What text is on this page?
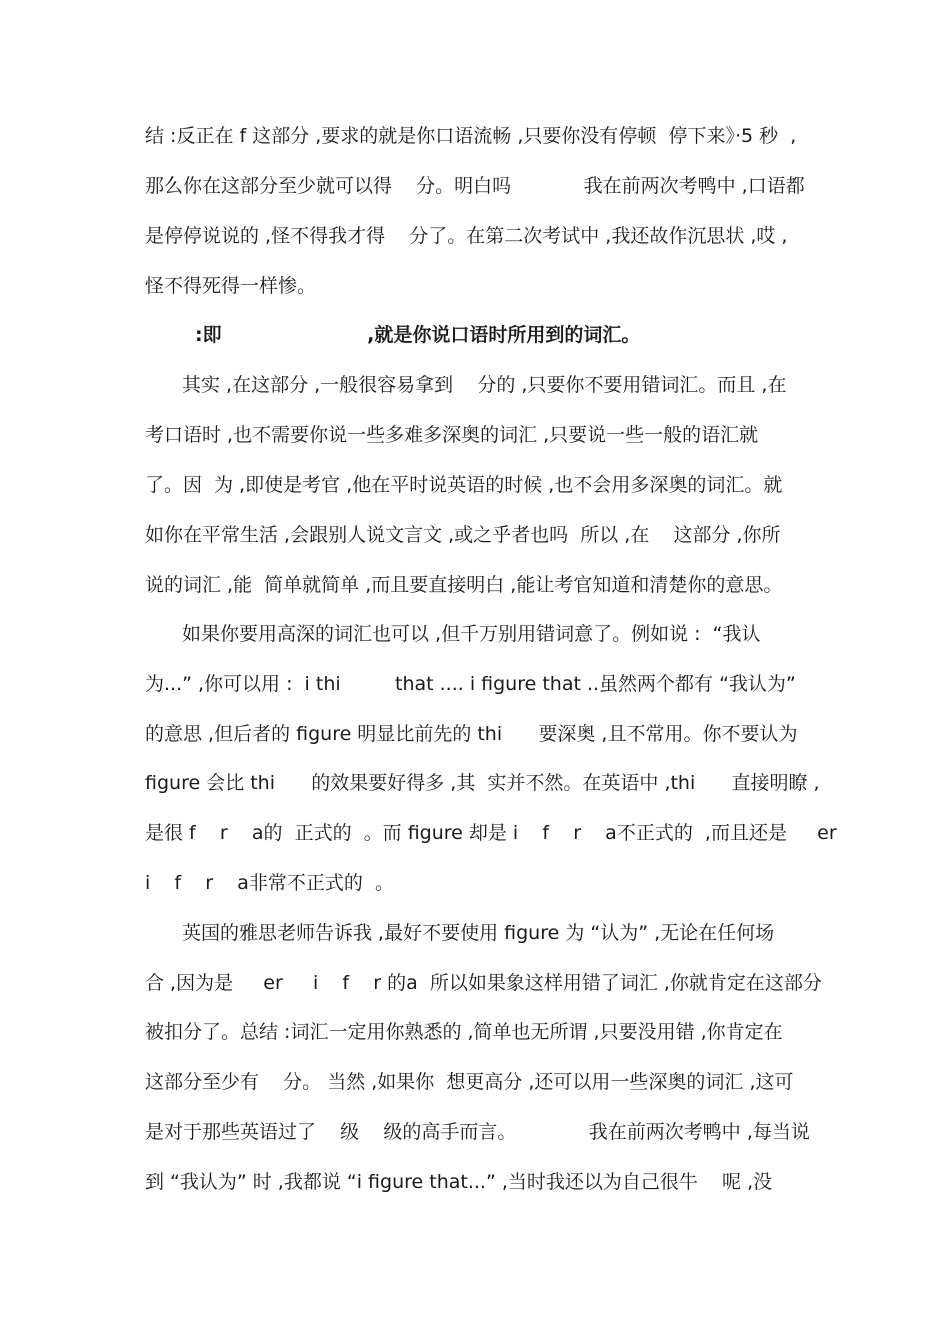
结 :反正在 f 这部分 ,要求的就是你口语流畅 ,只要你没有停顿  停下来》·5 秒  ,
那么你在这部分至少就可以得    分。明白吗            我在前两次考鸭中 ,口语都
是停停说说的 ,怪不得我才得    分了。在第二次考试中 ,我还故作沉思状 ,哎 ,
怪不得死得一样惨。
:即                      ,就是你说口语时所用到的词汇。
其实 ,在这部分 ,一般很容易拿到    分的 ,只要你不要用错词汇。而且 ,在
考口语时 ,也不需要你说一些多难多深奥的词汇 ,只要说一些一般的语汇就
了。因  为 ,即使是考官 ,他在平时说英语的时候 ,也不会用多深奥的词汇。就
如你在平常生活 ,会跟别人说文言文 ,或之乎者也吗  所以 ,在    这部分 ,你所
说的词汇 ,能  简单就简单 ,而且要直接明白 ,能让考官知道和清楚你的意思。
如果你要用高深的词汇也可以 ,但千万别用错词意了。例如说 :  “我认
为...” ,你可以用 :  i thi         that .... i figure that ..虽然两个都有 “我认为”
的意思 ,但后者的 figure 明显比前先的 thi      要深奥 ,且不常用。你不要认为
figure 会比 thi      的效果要好得多 ,其  实并不然。在英语中 ,thi      直接明瞭 ,
是很 f    r    a的  正式的  。而 figure 却是 i    f    r    a不正式的  ,而且还是     er
i    f    r    a非常不正式的  。
英国的雅思老师告诉我 ,最好不要使用 figure 为 “认为” ,无论在任何场
合 ,因为是     er     i    f    r 的a  所以如果象这样用错了词汇 ,你就肯定在这部分
被扣分了。总结 :词汇一定用你熟悉的 ,简单也无所谓 ,只要没用错 ,你肯定在
这部分至少有    分。 当然 ,如果你  想更高分 ,还可以用一些深奥的词汇 ,这可
是对于那些英语过了    级    级的高手而言。            我在前两次考鸭中 ,每当说
到 “我认为” 时 ,我都说 “i figure that...” ,当时我还以为自己很牛    呢 ,没
